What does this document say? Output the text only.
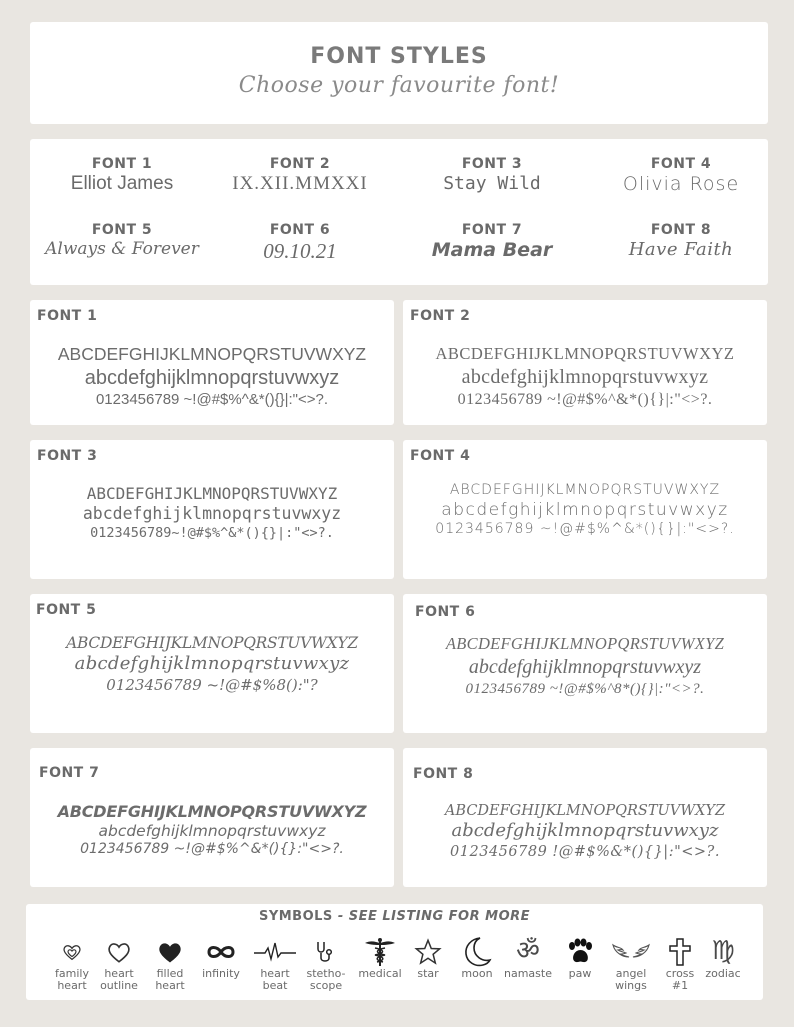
FONT STYLES
Choose your favourite font!
FONT 1
Elliot James
FONT 2
IX.XII.MMXXI
FONT 3
Stay Wild
FONT 4
Olivia Rose
FONT 5
Always & Forever
FONT 6
09.10.21
FONT 7
Mama Bear
FONT 8
Have Faith
FONT 1
ABCDEFGHIJKLMNOPQRSTUVWXYZ
abcdefghijklmnopqrstuvwxyz
0123456789 ~!@#$%^&*(){}|:"<>?.
FONT 2
ABCDEFGHIJKLMNOPQRSTUVWXYZ
abcdefghijklmnopqrstuvwxyz
0123456789 ~!@#$%^&*(){}|:"<>?.
FONT 3
ABCDEFGHIJKLMNOPQRSTUVWXYZ
abcdefghijklmnopqrstuvwxyz
0123456789~!@#$%^&*(){}|:"<>?.
FONT 4
ABCDEFGHIJKLMNOPQRSTUVWXYZ
abcdefghijklmnopqrstuvwxyz
0123456789 ~!@#$%^&*(){}|:"<>?.
FONT 5
ABCDEFGHIJKLMNOPQRSTUVWXYZ
abcdefghijklmnopqrstuvwxyz
0123456789 ~!@#$%8():"?
FONT 6
ABCDEFGHIJKLMNOPQRSTUVWXYZ
abcdefghijklmnopqrstuvwxyz
0123456789 ~!@#$%^8*(){}|:"<>?.
FONT 7
ABCDEFGHIJKLMNOPQRSTUVWXYZ
abcdefghijklmnopqrstuvwxyz
0123456789 ~!@#$%^&*(){}:"<>?.
FONT 8
ABCDEFGHIJKLMNOPQRSTUVWXYZ
abcdefghijklmnopqrstuvwxyz
0123456789 !@#$%&*(){}|:"<>?.
SYMBOLS - SEE LISTING FOR MORE
family
heart
heart
outline
filled
heart
infinity	heart
beat
stetho-
scope
medical	star	moon
ॐ
namaste	paw	angel
wings
cross
#1
♍
zodiac
